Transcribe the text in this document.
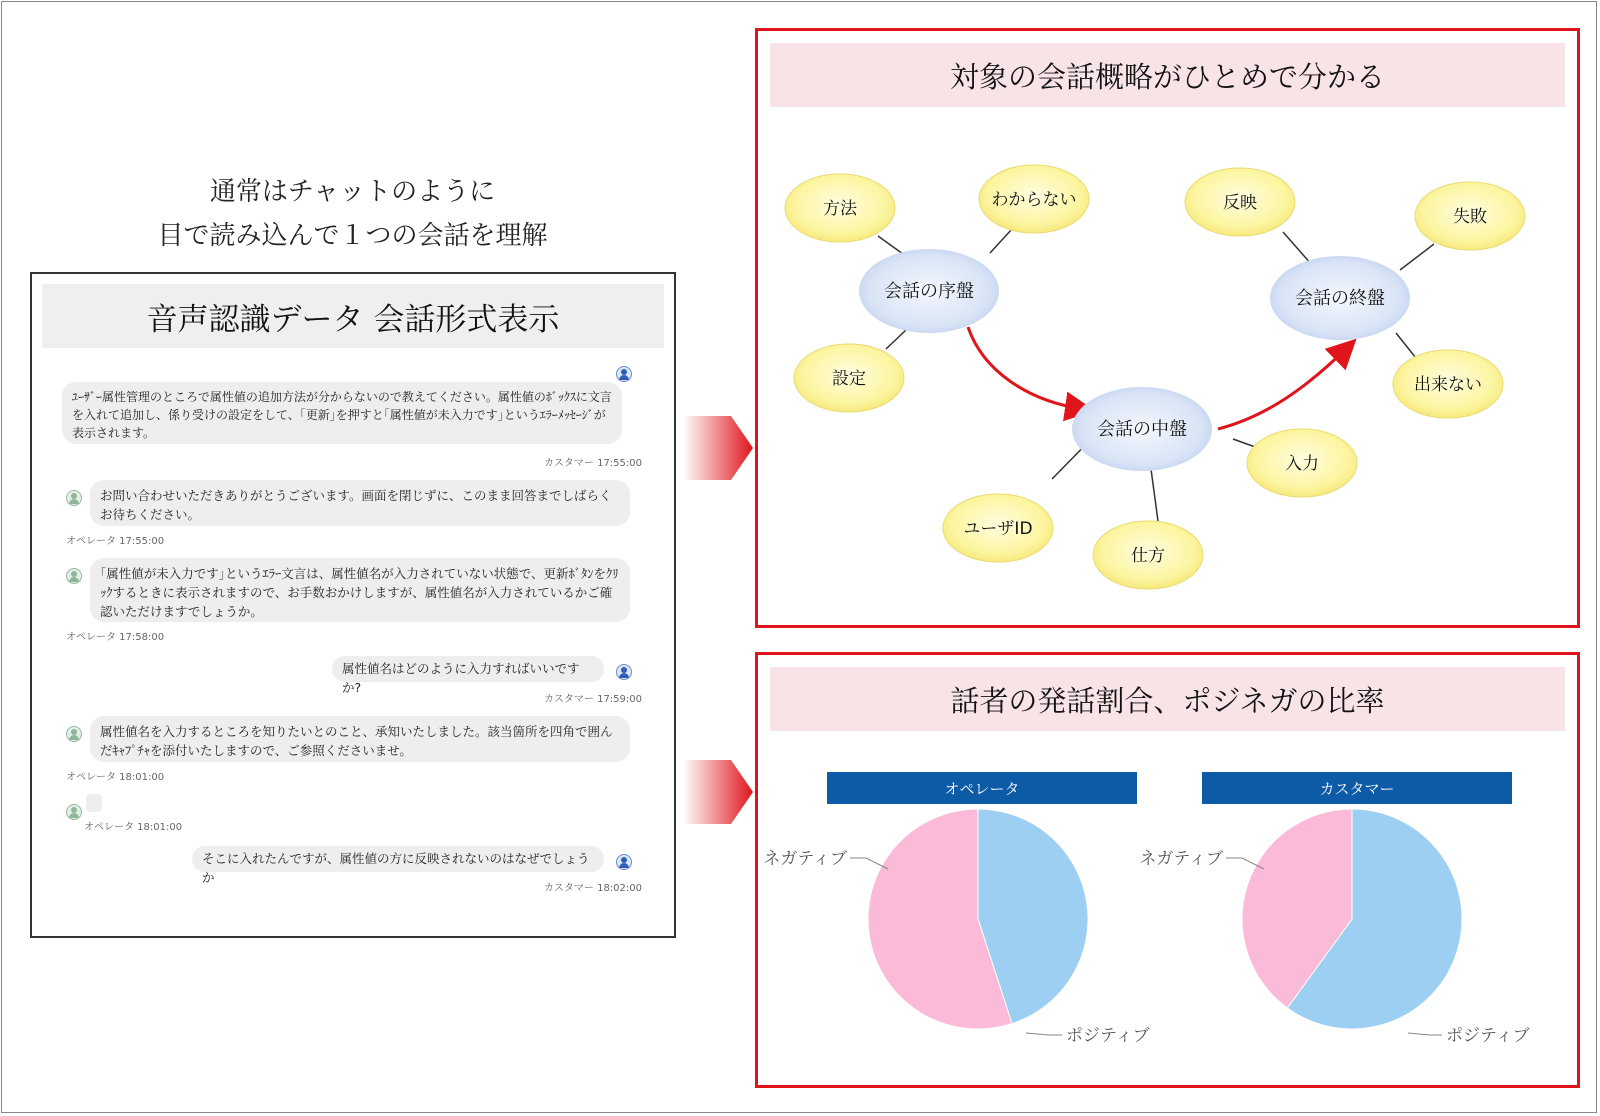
通常はチャットのように
目で読み込んで１つの会話を理解
音声認識データ 会話形式表示
ﾕｰｻﾞｰ属性管理のところで属性値の追加方法が分からないので教えてください。属性値のﾎﾞｯｸｽに文言を入れて追加し、係り受けの設定をして、｢更新｣を押すと｢属性値が未入力です｣というｴﾗｰﾒｯｾｰｼﾞが表示されます。
カスタマー 17:55:00
お問い合わせいただきありがとうございます。画面を閉じずに、このまま回答までしばらくお待ちください。
オペレータ 17:55:00
｢属性値が未入力です｣というｴﾗｰ文言は、属性値名が入力されていない状態で、更新ﾎﾞﾀﾝをｸﾘｯｸするときに表示されますので、お手数おかけしますが、属性値名が入力されているかご確認いただけますでしょうか。
オペレータ 17:58:00
属性値名はどのように入力すればいいですか?
カスタマー 17:59:00
属性値名を入力するところを知りたいとのこと、承知いたしました。該当箇所を四角で囲んだｷｬﾌﾟﾁｬを添付いたしますので、ご参照くださいませ。
オペレータ 18:01:00
オペレータ 18:01:00
そこに入れたんですが、属性値の方に反映されないのはなぜでしょうか
カスタマー 18:02:00
対象の会話概略がひとめで分かる
会話の序盤
会話の中盤
会話の終盤
方法	わからない
設定
入力
ユーザID
仕方
反映
失敗
出来ない
話者の発話割合、ポジネガの比率
オペレータ	カスタマー
ネガティブ
ポジティブ
ネガティブ
ポジティブ
